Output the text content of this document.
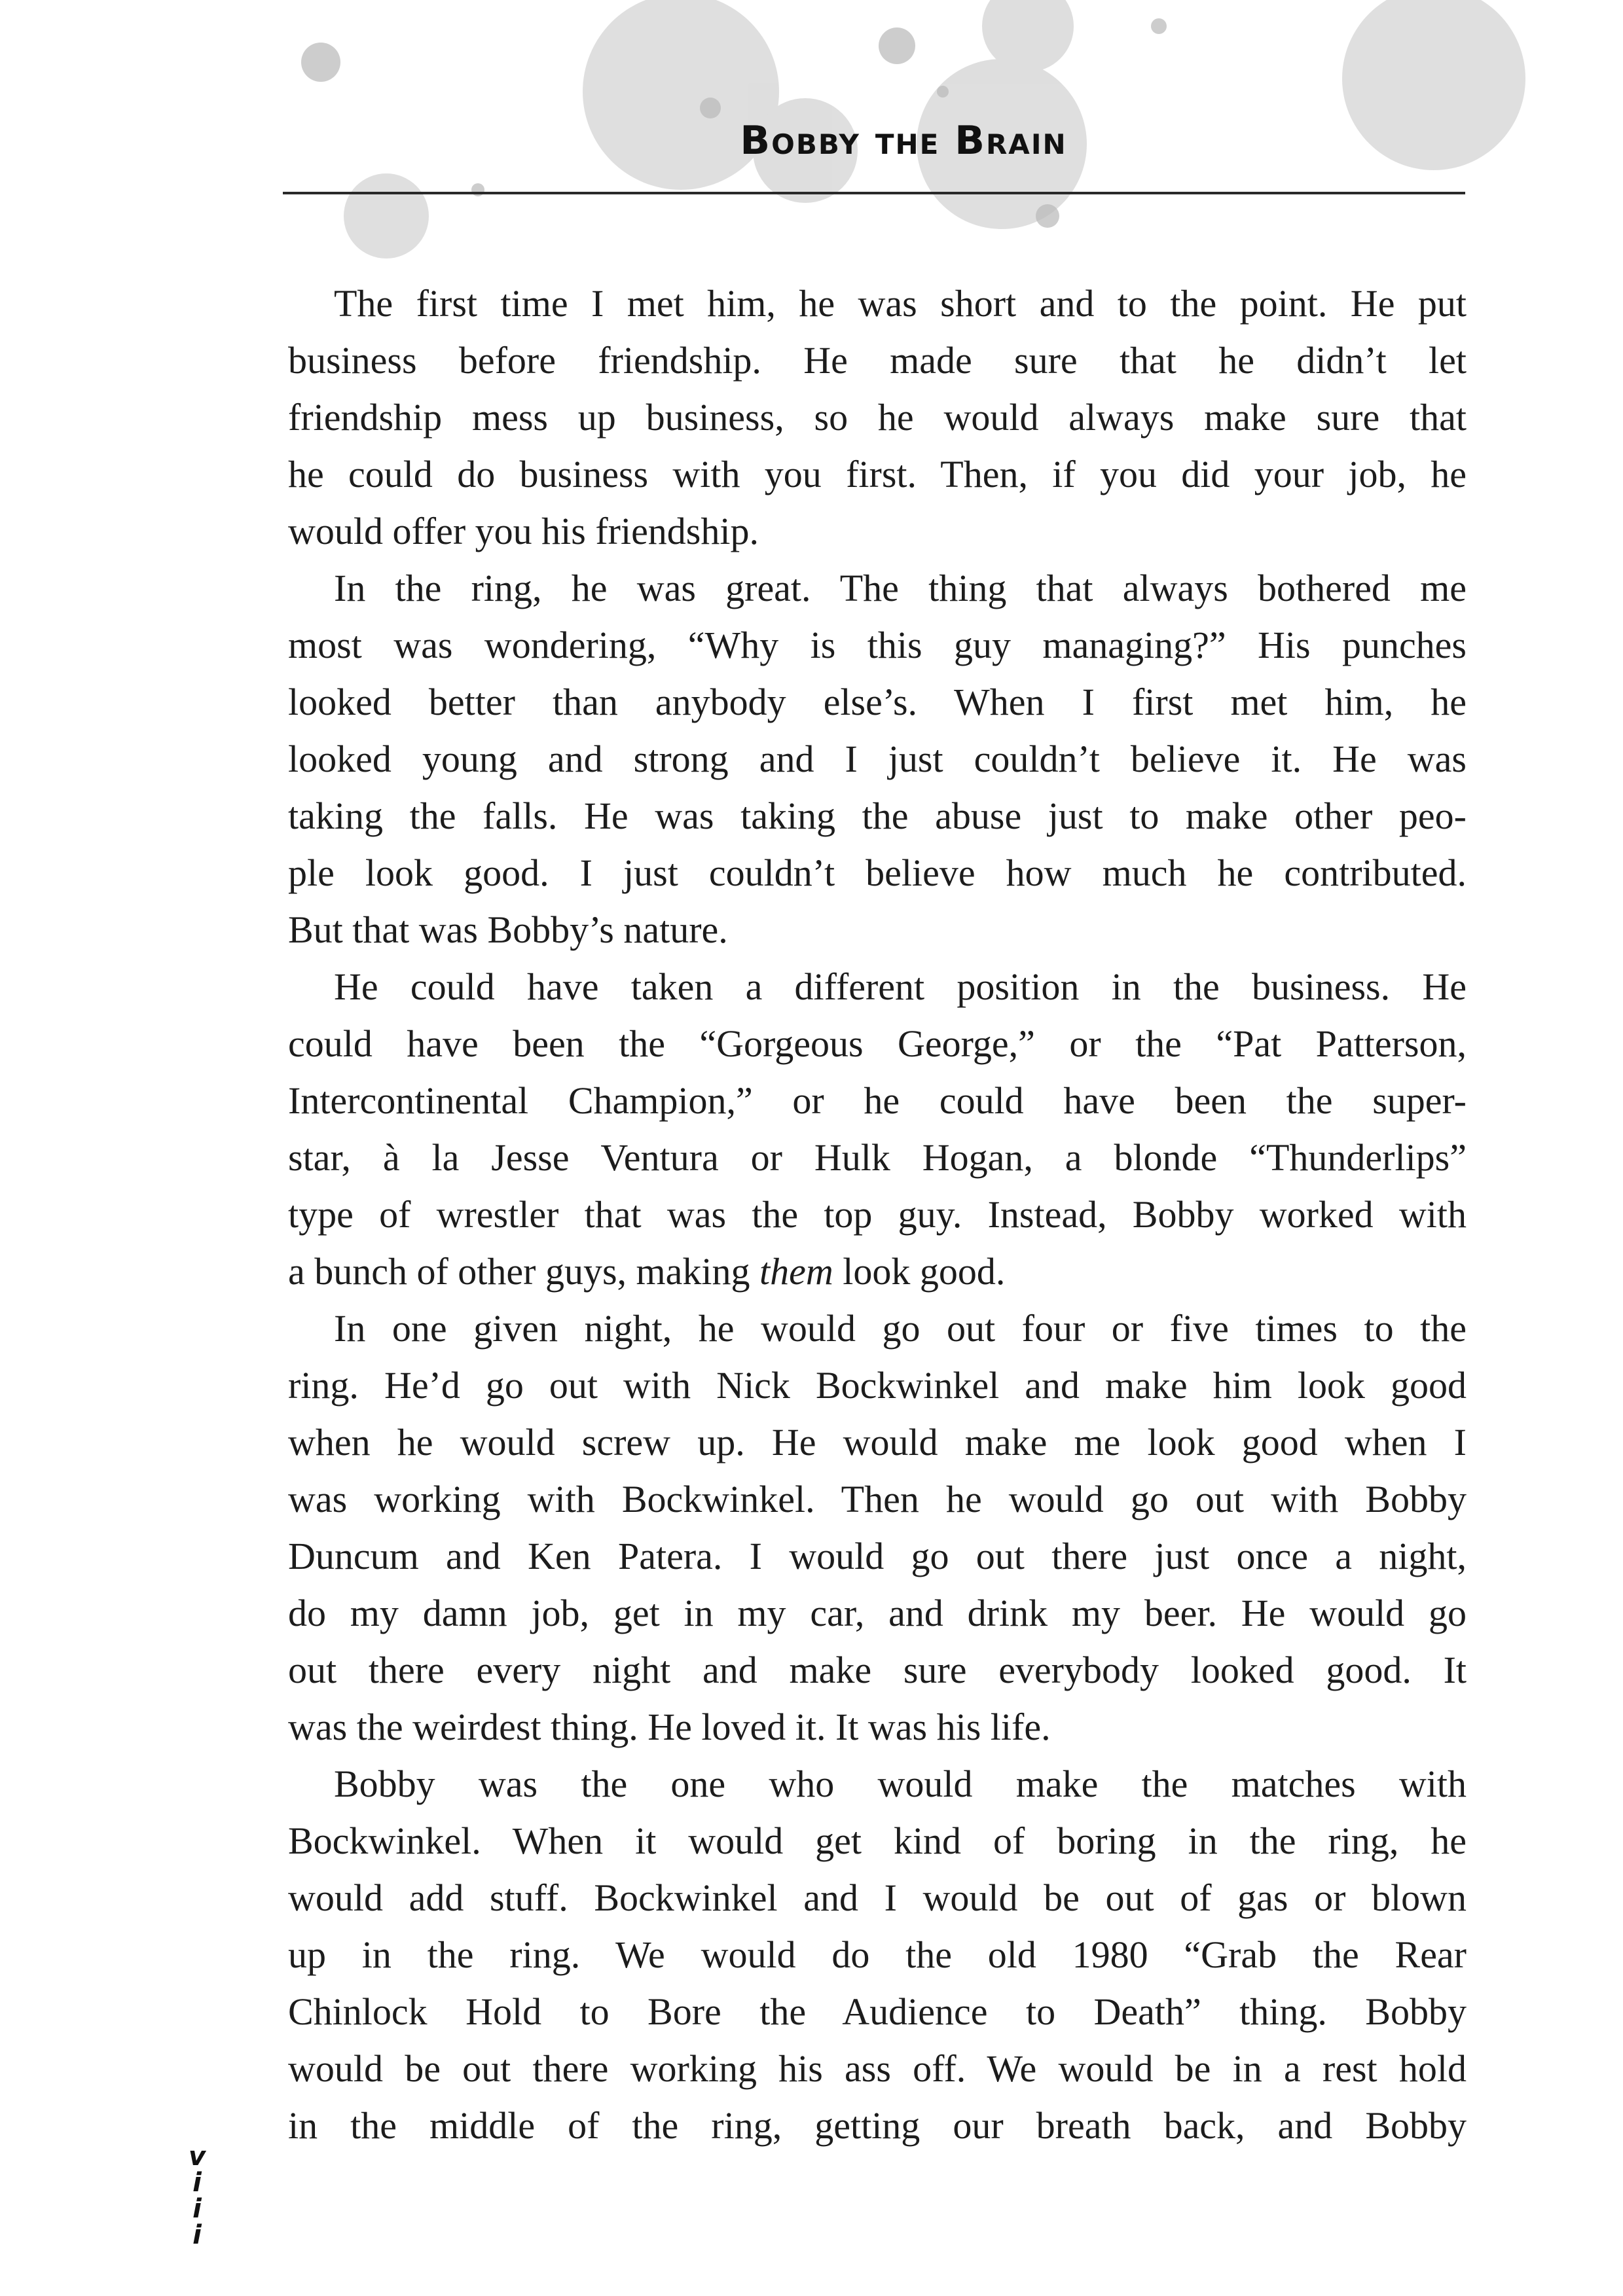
Bobby the Brain
The first time I met him, he was short and to the point. He put
business before friendship. He made sure that he didn’t let
friendship mess up business, so he would always make sure that
he could do business with you first. Then, if you did your job, he
would offer you his friendship.
In the ring, he was great. The thing that always bothered me
most was wondering, “Why is this guy managing?” His punches
looked better than anybody else’s. When I first met him, he
looked young and strong and I just couldn’t believe it. He was
taking the falls. He was taking the abuse just to make other peo-
ple look good. I just couldn’t believe how much he contributed.
But that was Bobby’s nature.
He could have taken a different position in the business. He
could have been the “Gorgeous George,” or the “Pat Patterson,
Intercontinental Champion,” or he could have been the super-
star, à la Jesse Ventura or Hulk Hogan, a blonde “Thunderlips”
type of wrestler that was the top guy. Instead, Bobby worked with
a bunch of other guys, making them look good.
In one given night, he would go out four or five times to the
ring. He’d go out with Nick Bockwinkel and make him look good
when he would screw up. He would make me look good when I
was working with Bockwinkel. Then he would go out with Bobby
Duncum and Ken Patera. I would go out there just once a night,
do my damn job, get in my car, and drink my beer. He would go
out there every night and make sure everybody looked good. It
was the weirdest thing. He loved it. It was his life.
Bobby was the one who would make the matches with
Bockwinkel. When it would get kind of boring in the ring, he
would add stuff. Bockwinkel and I would be out of gas or blown
up in the ring. We would do the old 1980 “Grab the Rear
Chinlock Hold to Bore the Audience to Death” thing. Bobby
would be out there working his ass off. We would be in a rest hold
in the middle of the ring, getting our breath back, and Bobby
v
i
i
i
